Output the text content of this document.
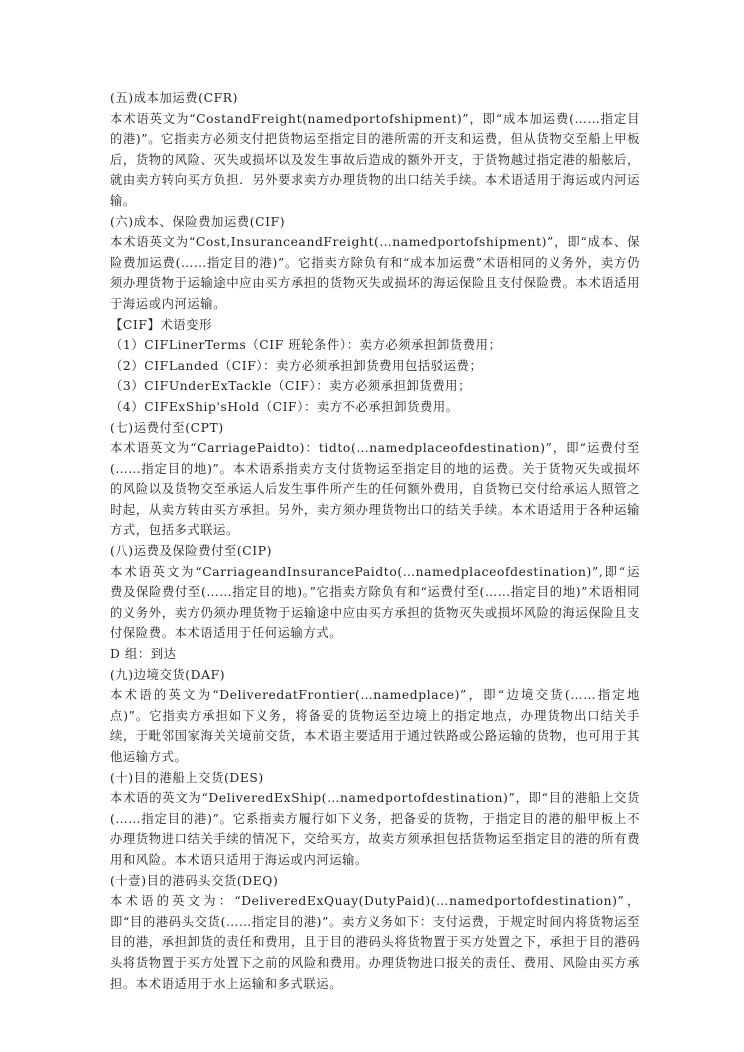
(五)成本加运费(CFR)

本术语英文为“CostandFreight(namedportofshipment)”，即“成本加运费(……指定目的港)”。它指卖方必须支付把货物运至指定目的港所需的开支和运费，但从货物交至船上甲板后，货物的风险、灭失或损坏以及发生事故后造成的额外开支，于货物越过指定港的船舷后，就由卖方转向买方负担．另外要求卖方办理货物的出口结关手续。本术语适用于海运或内河运输。

(六)成本、保险费加运费(CIF)

本术语英文为“Cost,InsuranceandFreight(…namedportofshipment)”，即“成本、保险费加运费(……指定目的港)”。它指卖方除负有和“成本加运费”术语相同的义务外，卖方仍须办理货物于运输途中应由买方承担的货物灭失或损坏的海运保险且支付保险费。本术语适用于海运或内河运输。

【CIF】术语变形

（1）CIFLinerTerms（CIF 班轮条件）：卖方必须承担卸货费用；

（2）CIFLanded（CIF）：卖方必须承担卸货费用包括驳运费；

（3）CIFUnderExTackle（CIF）：卖方必须承担卸货费用；

（4）CIFExShip'sHold（CIF）：卖方不必承担卸货费用。

(七)运费付至(CPT)

本术语英文为“CarriagePaidto)：tidto(…namedplaceofdestination)”，即“运费付至(……指定目的地)”。本术语系指卖方支付货物运至指定目的地的运费。关于货物灭失或损坏的风险以及货物交至承运人后发生事件所产生的任何额外费用，自货物已交付给承运人照管之时起，从卖方转由买方承担。另外，卖方须办理货物出口的结关手续。本术语适用于各种运输方式，包括多式联运。

(八)运费及保险费付至(CIP)

本术语英文为“CarriageandInsurancePaidto(…namedplaceofdestination)”,即“运费及保险费付至(……指定目的地)。”它指卖方除负有和“运费付至(……指定目的地)”术语相同的义务外，卖方仍须办理货物于运输途中应由买方承担的货物灭失或损坏风险的海运保险且支付保险费。本术语适用于任何运输方式。

D 组：到达

(九)边境交货(DAF)

本术语的英文为“DeliveredatFrontier(…namedplace)”，即“边境交货(……指定地点)”。它指卖方承担如下义务，将备妥的货物运至边境上的指定地点，办理货物出口结关手续，于毗邻国家海关关境前交货，本术语主要适用于通过铁路或公路运输的货物，也可用于其他运输方式。

(十)目的港船上交货(DES)

本术语的英文为“DeliveredExShip(…namedportofdestination)”，即“目的港船上交货(……指定目的港)”。它系指卖方履行如下义务，把备妥的货物，于指定目的港的船甲板上不办理货物进口结关手续的情况下，交给买方，故卖方须承担包括货物运至指定目的港的所有费用和风险。本术语只适用于海运或内河运输。

(十壹)目的港码头交货(DEQ)

本术语的英文为：“DeliveredExQuay(DutyPaid)(…namedportofdestination)”，即“目的港码头交货(……指定目的港)”。卖方义务如下：支付运费，于规定时间内将货物运至目的港，承担卸货的责任和费用，且于目的港码头将货物置于买方处置之下，承担于目的港码头将货物置于买方处置下之前的风险和费用。办理货物进口报关的责任、费用、风险由买方承担。本术语适用于水上运输和多式联运。
